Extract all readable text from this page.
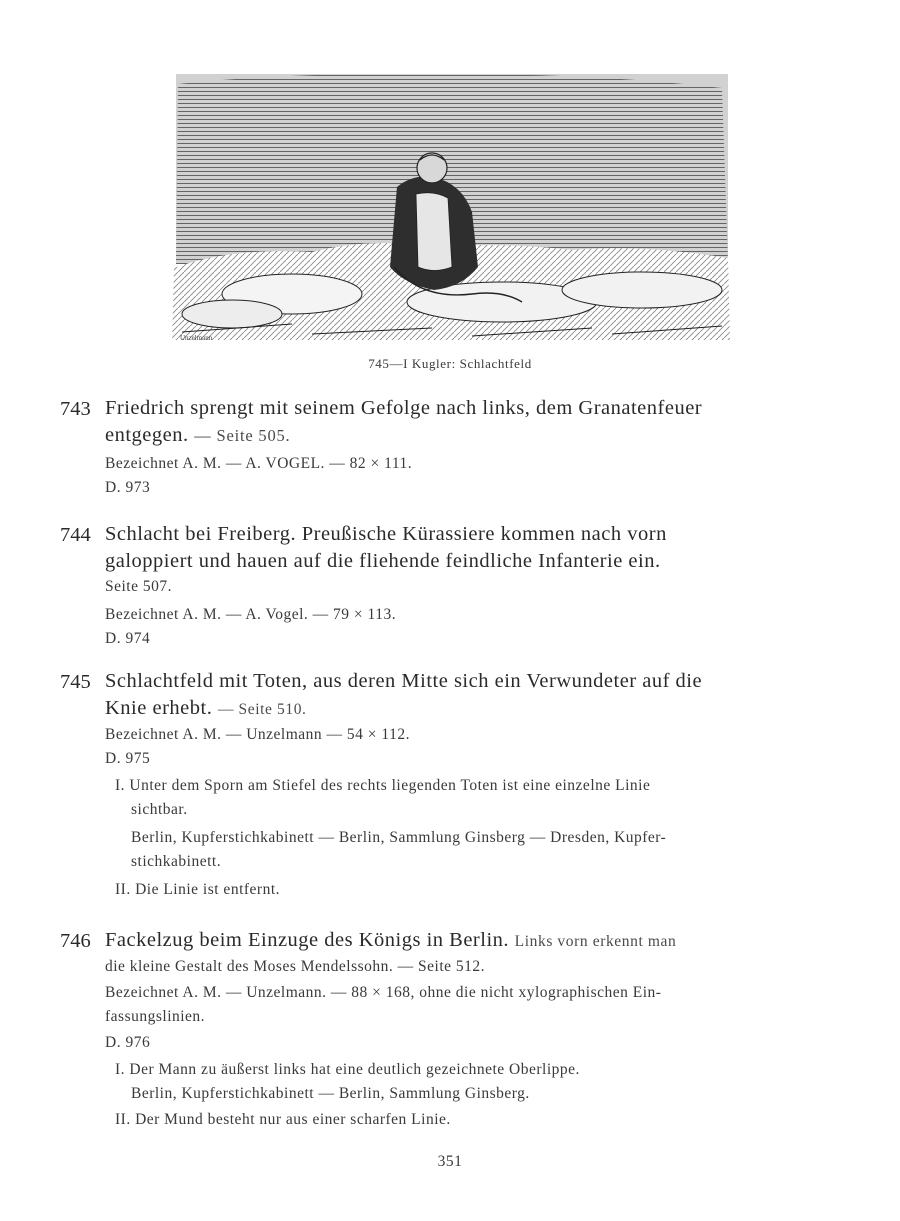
Unzelmann
745—I Kugler: Schlachtfeld
743 Friedrich sprengt mit seinem Gefolge nach links, dem Granatenfeuer
entgegen. — Seite 505.
Bezeichnet A. M. — A. VOGEL. — 82 × 111.
D. 973
744 Schlacht bei Freiberg. Preußische Kürassiere kommen nach vorn
galoppiert und hauen auf die fliehende feindliche Infanterie ein.
Seite 507.
Bezeichnet A. M. — A. Vogel. — 79 × 113.
D. 974
745 Schlachtfeld mit Toten, aus deren Mitte sich ein Verwundeter auf die
Knie erhebt. — Seite 510.
Bezeichnet A. M. — Unzelmann — 54 × 112.
D. 975
I. Unter dem Sporn am Stiefel des rechts liegenden Toten ist eine einzelne Linie
sichtbar.
Berlin, Kupferstichkabinett — Berlin, Sammlung Ginsberg — Dresden, Kupfer-
stichkabinett.
II. Die Linie ist entfernt.
746 Fackelzug beim Einzuge des Königs in Berlin. Links vorn erkennt man
die kleine Gestalt des Moses Mendelssohn. — Seite 512.
Bezeichnet A. M. — Unzelmann. — 88 × 168, ohne die nicht xylographischen Ein-
fassungslinien.
D. 976
I. Der Mann zu äußerst links hat eine deutlich gezeichnete Oberlippe.
Berlin, Kupferstichkabinett — Berlin, Sammlung Ginsberg.
II. Der Mund besteht nur aus einer scharfen Linie.
351
